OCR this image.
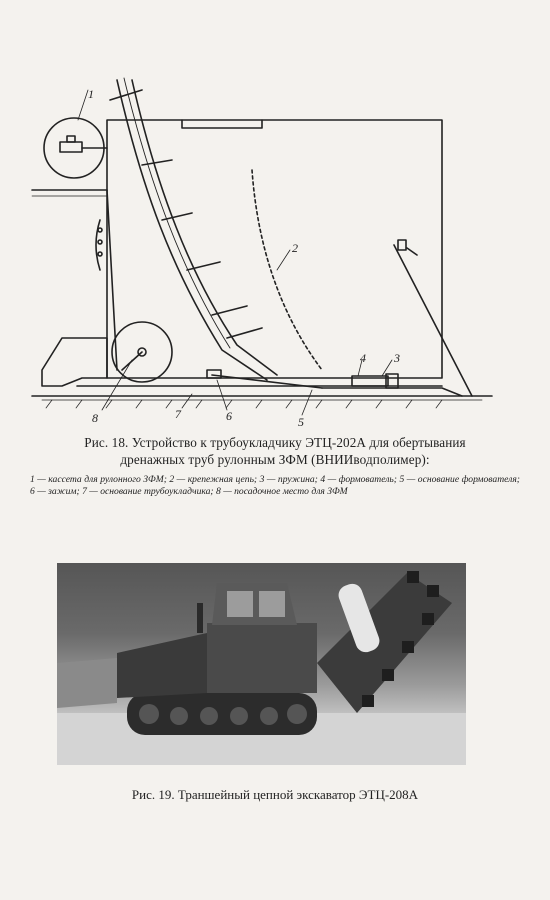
1
2
3
4
5
6
7
8
Рис. 18. Устройство к трубоукладчику ЭТЦ-202А для обертывания
дренажных труб рулонным ЗФМ (ВНИИводполимер):
1 — кассета для рулонного ЗФМ; 2 — крепежная цепь; 3 — пружина; 4 — формователь; 5 — основание формователя; 6 — зажим; 7 — основание трубоукладчика; 8 — посадочное место для ЗФМ
Рис. 19. Траншейный цепной экскаватор ЭТЦ-208А
